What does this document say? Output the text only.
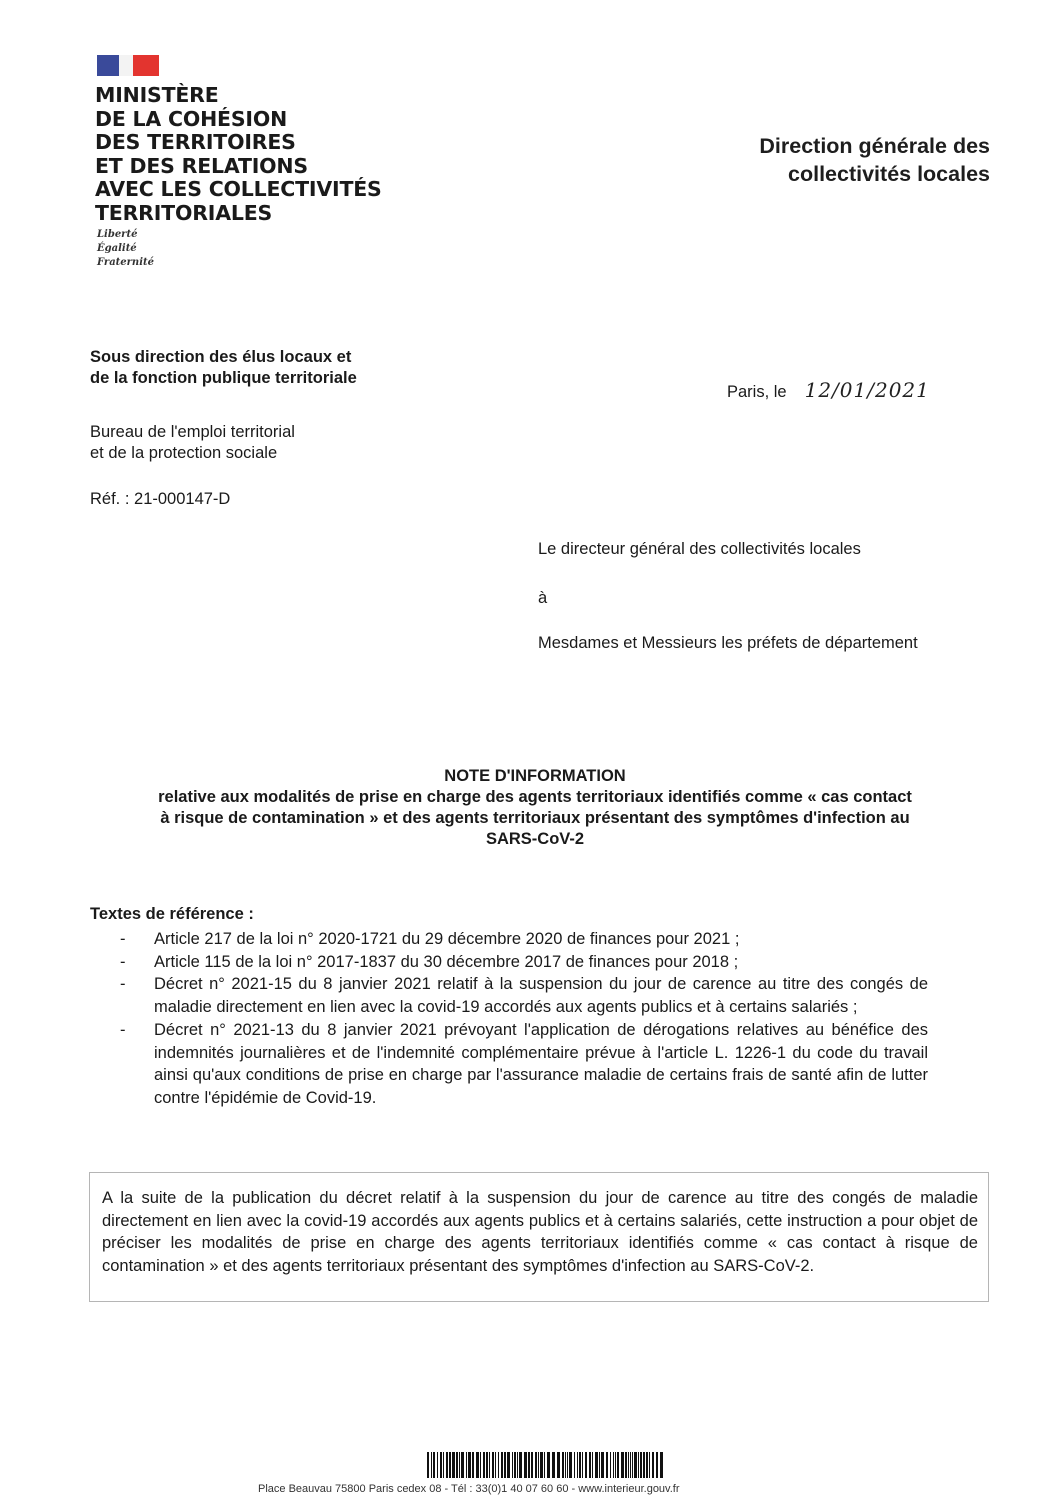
MINISTÈRE
DE LA COHÉSION
DES TERRITOIRES
ET DES RELATIONS
AVEC LES COLLECTIVITÉS
TERRITORIALES
Liberté
Égalité
Fraternité
Direction générale des
collectivités locales
Sous direction des élus locaux et
de la fonction publique territoriale
Bureau de l'emploi territorial
et de la protection sociale
Réf. : 21-000147-D
Paris, le 12/01/2021
Le directeur général des collectivités locales
à
Mesdames et Messieurs les préfets de département
NOTE D'INFORMATION
relative aux modalités de prise en charge des agents territoriaux identifiés comme « cas contact
à risque de contamination » et des agents territoriaux présentant des symptômes d'infection au
SARS-CoV-2
Textes de référence :
- Article 217 de la loi n° 2020-1721 du 29 décembre 2020 de finances pour 2021 ;
- Article 115 de la loi n° 2017-1837 du 30 décembre 2017 de finances pour 2018 ;
- Décret n° 2021-15 du 8 janvier 2021 relatif à la suspension du jour de carence au titre des congés de maladie directement en lien avec la covid-19 accordés aux agents publics et à certains salariés ;
- Décret n° 2021-13 du 8 janvier 2021 prévoyant l'application de dérogations relatives au bénéfice des indemnités journalières et de l'indemnité complémentaire prévue à l'article L. 1226-1 du code du travail ainsi qu'aux conditions de prise en charge par l'assurance maladie de certains frais de santé afin de lutter contre l'épidémie de Covid-19.

A la suite de la publication du décret relatif à la suspension du jour de carence au titre des congés de maladie directement en lien avec la covid-19 accordés aux agents publics et à certains salariés, cette instruction a pour objet de préciser les modalités de prise en charge des agents territoriaux identifiés comme « cas contact à risque de contamination » et des agents territoriaux présentant des symptômes d'infection au SARS-CoV-2.

Place Beauvau 75800 Paris cedex 08 - Tél : 33(0)1 40 07 60 60 - www.interieur.gouv.fr
